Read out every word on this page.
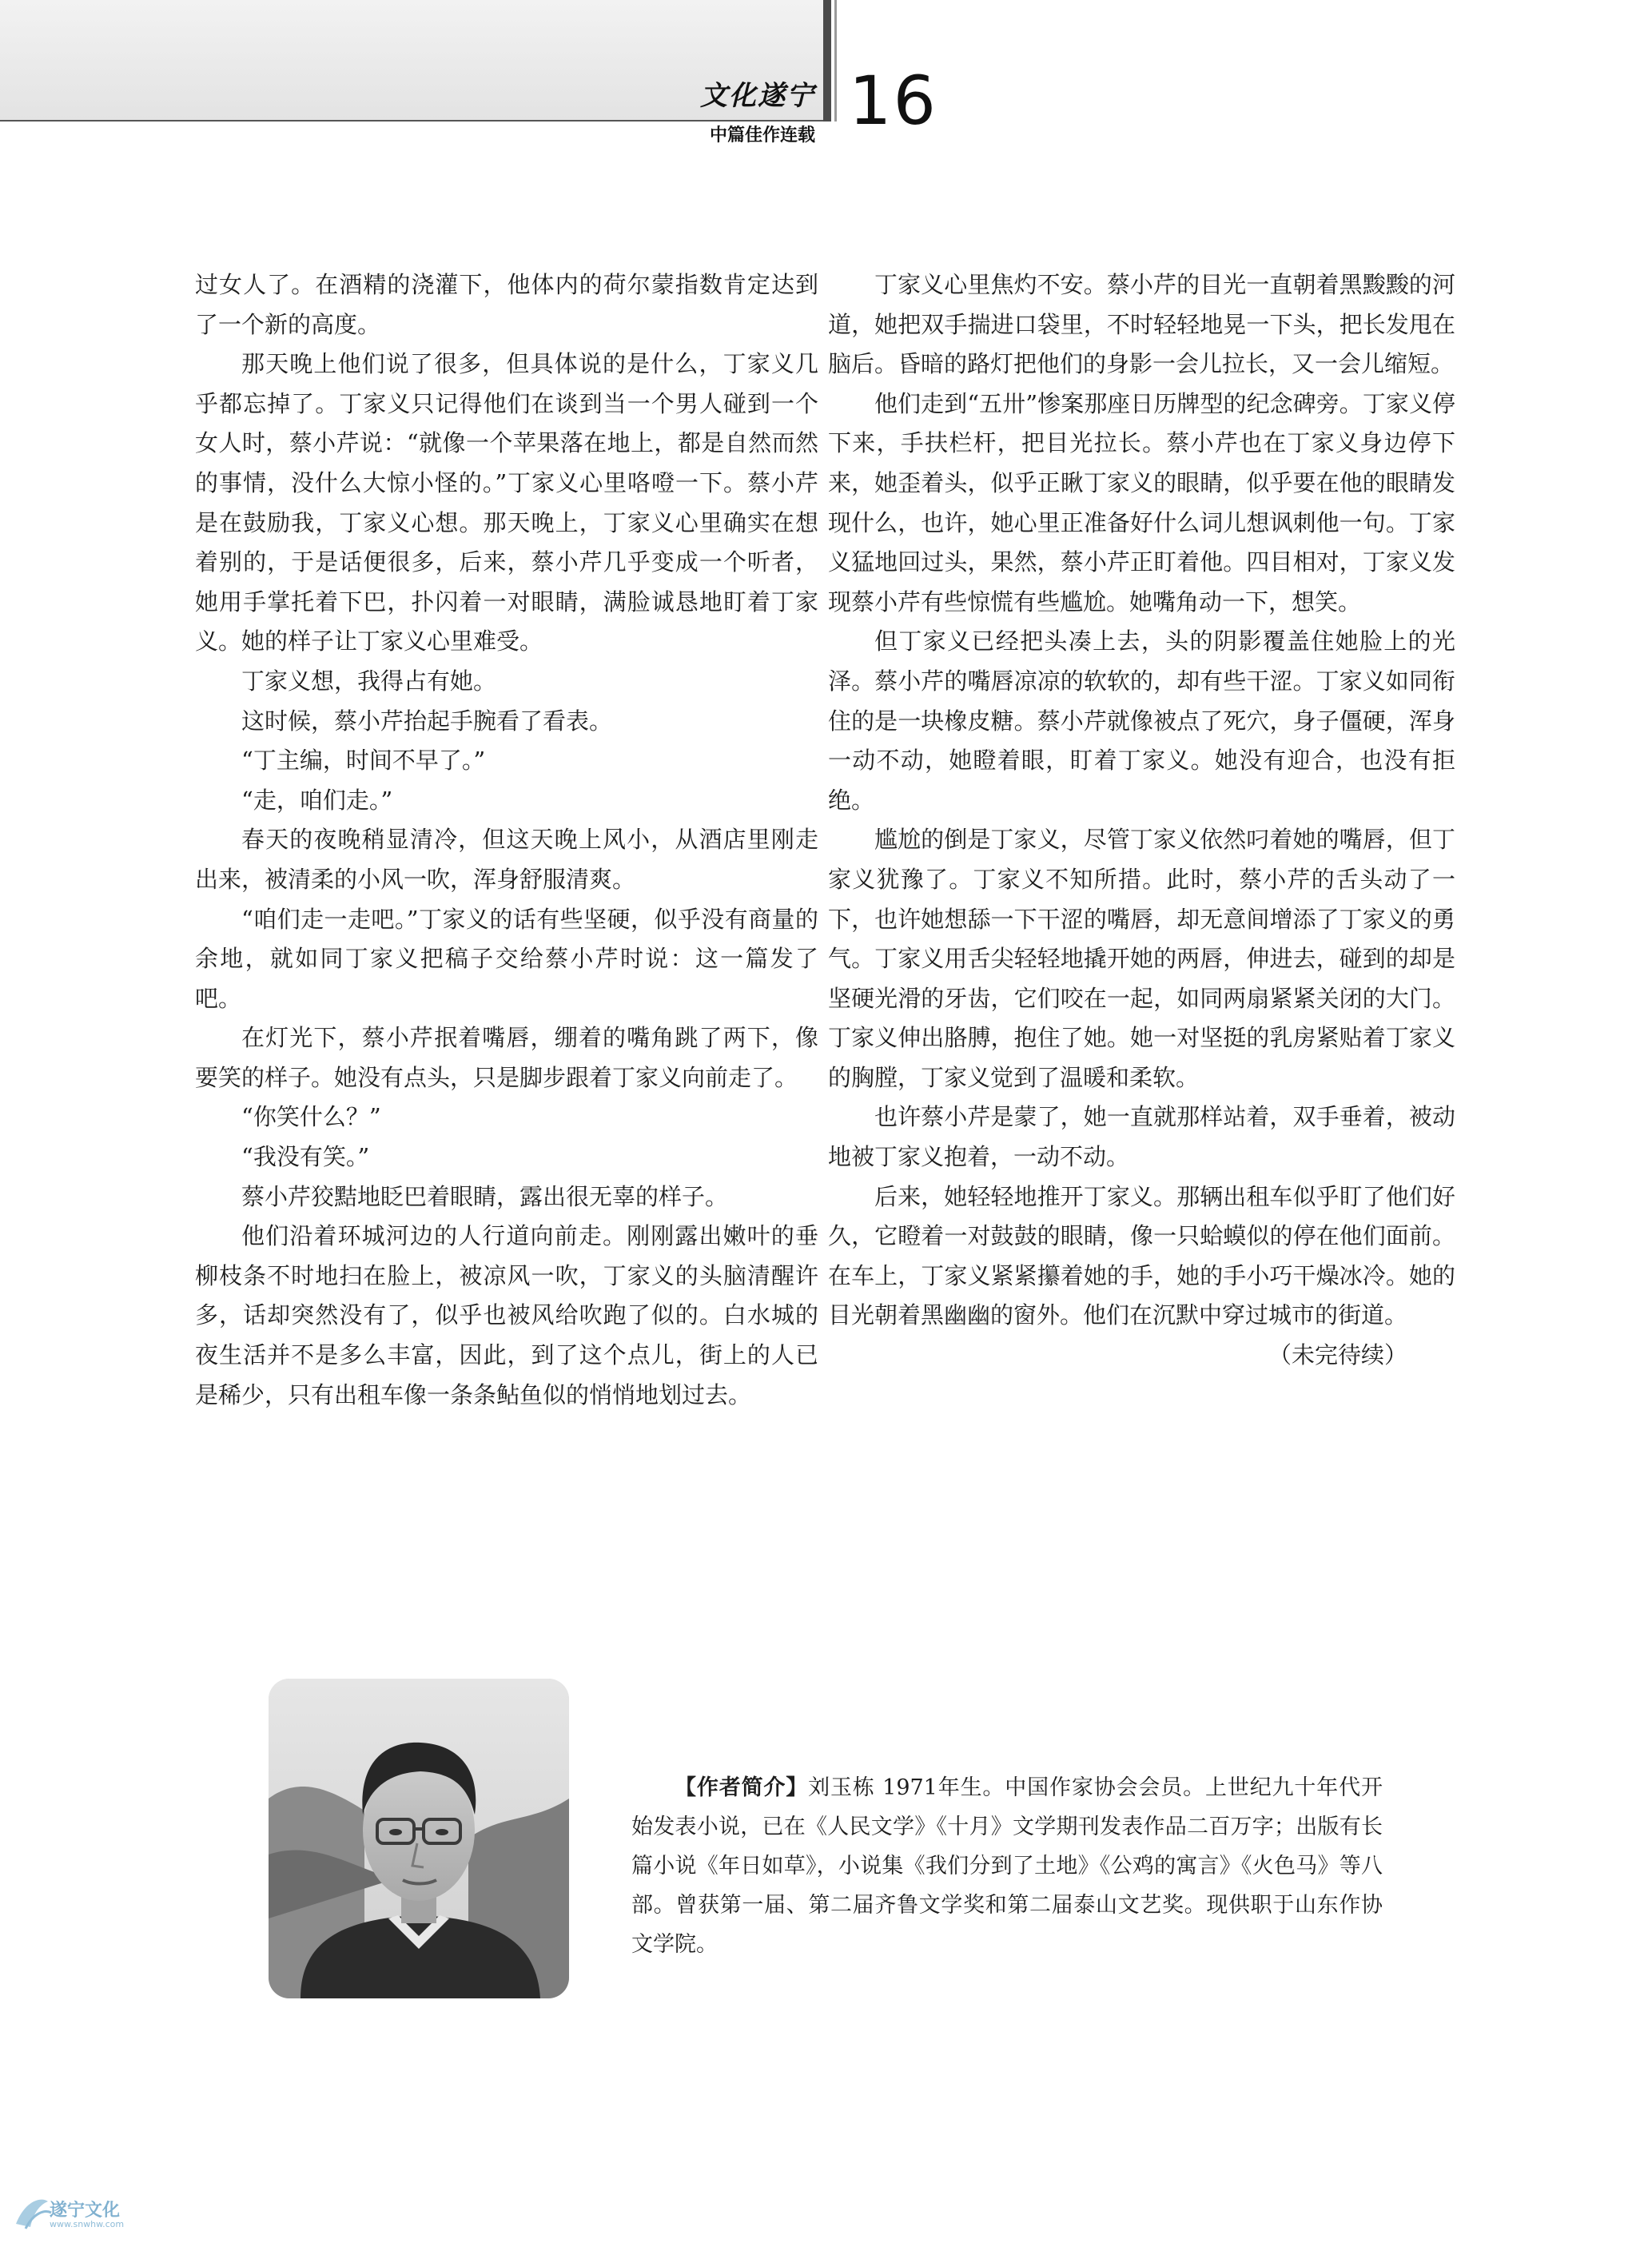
文化遂宁
中篇佳作连载 16

过女人了。在酒精的浇灌下，他体内的荷尔蒙指数肯定达到了一个新的高度。

那天晚上他们说了很多，但具体说的是什么，丁家义几乎都忘掉了。丁家义只记得他们在谈到当一个男人碰到一个女人时，蔡小芹说：“就像一个苹果落在地上，都是自然而然的事情，没什么大惊小怪的。”丁家义心里咯噔一下。蔡小芹是在鼓励我，丁家义心想。那天晚上，丁家义心里确实在想着别的，于是话便很多，后来，蔡小芹几乎变成一个听者，她用手掌托着下巴，扑闪着一对眼睛，满脸诚恳地盯着丁家义。她的样子让丁家义心里难受。

丁家义想，我得占有她。

这时候，蔡小芹抬起手腕看了看表。

“丁主编，时间不早了。”

“走，咱们走。”

春天的夜晚稍显清冷，但这天晚上风小，从酒店里刚走出来，被清柔的小风一吹，浑身舒服清爽。

“咱们走一走吧。”丁家义的话有些坚硬，似乎没有商量的余地，就如同丁家义把稿子交给蔡小芹时说：这一篇发了吧。

在灯光下，蔡小芹抿着嘴唇，绷着的嘴角跳了两下，像要笑的样子。她没有点头，只是脚步跟着丁家义向前走了。

“你笑什么？”

“我没有笑。”

蔡小芹狡黠地眨巴着眼睛，露出很无辜的样子。

他们沿着环城河边的人行道向前走。刚刚露出嫩叶的垂柳枝条不时地扫在脸上，被凉风一吹，丁家义的头脑清醒许多，话却突然没有了，似乎也被风给吹跑了似的。白水城的夜生活并不是多么丰富，因此，到了这个点儿，街上的人已是稀少，只有出租车像一条条鲇鱼似的悄悄地划过去。

丁家义心里焦灼不安。蔡小芹的目光一直朝着黑黢黢的河道，她把双手揣进口袋里，不时轻轻地晃一下头，把长发甩在脑后。昏暗的路灯把他们的身影一会儿拉长，又一会儿缩短。

他们走到“五卅”惨案那座日历牌型的纪念碑旁。丁家义停下来，手扶栏杆，把目光拉长。蔡小芹也在丁家义身边停下来，她歪着头，似乎正瞅丁家义的眼睛，似乎要在他的眼睛发现什么，也许，她心里正准备好什么词儿想讽刺他一句。丁家义猛地回过头，果然，蔡小芹正盯着他。四目相对，丁家义发现蔡小芹有些惊慌有些尴尬。她嘴角动一下，想笑。

但丁家义已经把头凑上去，头的阴影覆盖住她脸上的光泽。蔡小芹的嘴唇凉凉的软软的，却有些干涩。丁家义如同衔住的是一块橡皮糖。蔡小芹就像被点了死穴，身子僵硬，浑身一动不动，她瞪着眼，盯着丁家义。她没有迎合，也没有拒绝。

尴尬的倒是丁家义，尽管丁家义依然叼着她的嘴唇，但丁家义犹豫了。丁家义不知所措。此时，蔡小芹的舌头动了一下，也许她想舔一下干涩的嘴唇，却无意间增添了丁家义的勇气。丁家义用舌尖轻轻地撬开她的两唇，伸进去，碰到的却是坚硬光滑的牙齿，它们咬在一起，如同两扇紧紧关闭的大门。丁家义伸出胳膊，抱住了她。她一对坚挺的乳房紧贴着丁家义的胸膛，丁家义觉到了温暖和柔软。

也许蔡小芹是蒙了，她一直就那样站着，双手垂着，被动地被丁家义抱着，一动不动。

后来，她轻轻地推开丁家义。那辆出租车似乎盯了他们好久，它瞪着一对鼓鼓的眼睛，像一只蛤蟆似的停在他们面前。在车上，丁家义紧紧攥着她的手，她的手小巧干燥冰冷。她的目光朝着黑幽幽的窗外。他们在沉默中穿过城市的街道。

（未完待续）

【作者简介】刘玉栋 1971年生。中国作家协会会员。上世纪九十年代开始发表小说，已在《人民文学》《十月》文学期刊发表作品二百万字；出版有长篇小说《年日如草》，小说集《我们分到了土地》《公鸡的寓言》《火色马》等八部。曾获第一届、第二届齐鲁文学奖和第二届泰山文艺奖。现供职于山东作协文学院。
遂宁文化
www.snwhw.com
